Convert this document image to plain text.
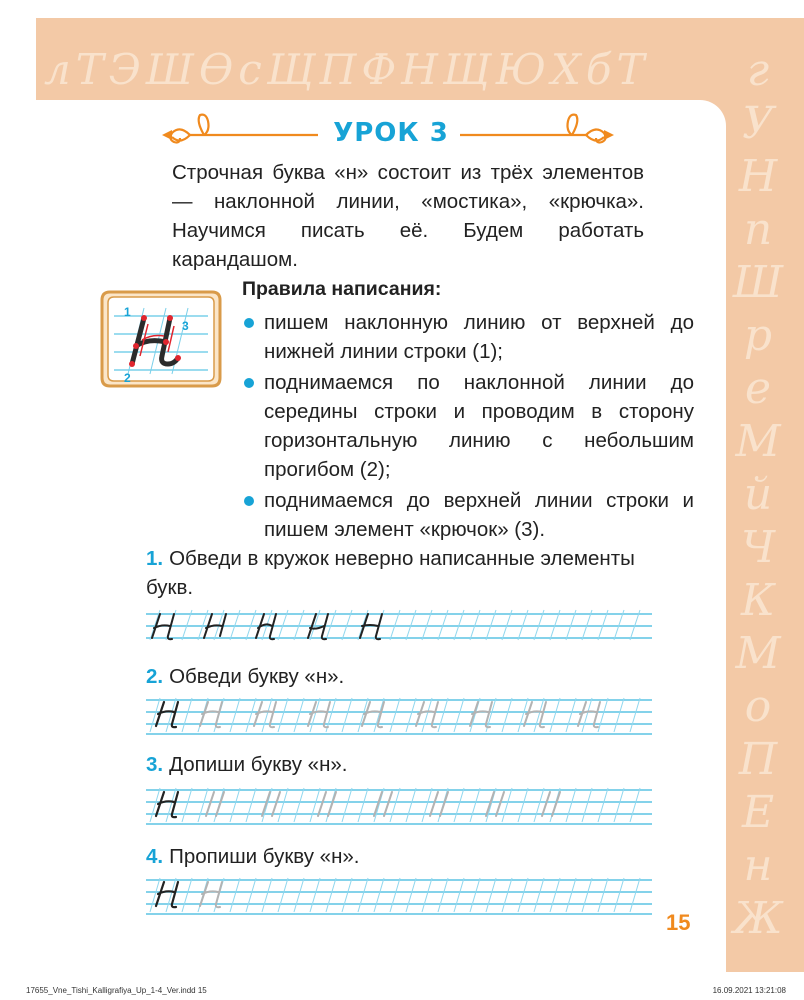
л Т Э Ш Ѳ с Щ П Ф Н Щ Ю Х б Т г
У
Н
п
Ш
р
е
М
й
Ч
К
М
о
П
Е
н
Ж
УРОК 3

Строчная буква «н» состоит из трёх элементов — наклонной линии, «мостика», «крючка». Научимся писать её. Будем работать карандашом.

1
2
3
Правила написания:
пишем наклонную линию от верхней до нижней линии строки (1);
поднимаемся по наклонной линии до середины строки и проводим в сторону горизонтальную линию с небольшим прогибом (2);
поднимаемся до верхней линии строки и пишем элемент «крючок» (3).
1. Обведи в кружок неверно написанные элементы букв.
2. Обведи букву «н».
3. Допиши букву «н».
4. Пропиши букву «н».
15
17655_Vne_Tishi_Kalligrafiya_Up_1-4_Ver.indd 15	16.09.2021 13:21:08
